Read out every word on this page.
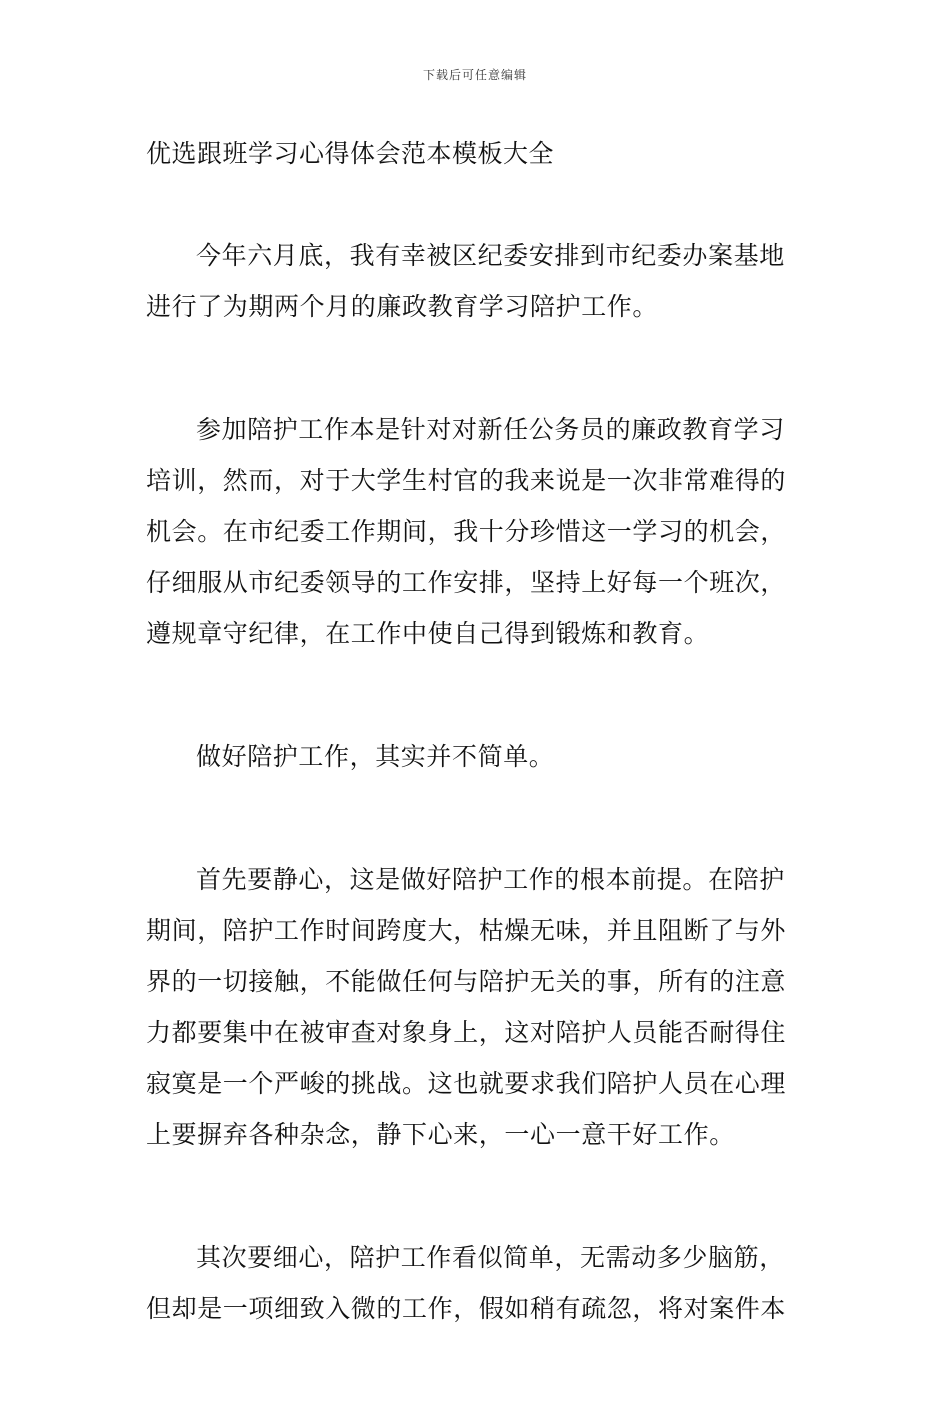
下载后可任意编辑
优选跟班学习心得体会范本模板大全
今年六月底，我有幸被区纪委安排到市纪委办案基地
进行了为期两个月的廉政教育学习陪护工作。
参加陪护工作本是针对对新任公务员的廉政教育学习
培训，然而，对于大学生村官的我来说是一次非常难得的
机会。在市纪委工作期间，我十分珍惜这一学习的机会，
仔细服从市纪委领导的工作安排，坚持上好每一个班次，
遵规章守纪律，在工作中使自己得到锻炼和教育。
做好陪护工作，其实并不简单。
首先要静心，这是做好陪护工作的根本前提。在陪护
期间，陪护工作时间跨度大，枯燥无味，并且阻断了与外
界的一切接触，不能做任何与陪护无关的事，所有的注意
力都要集中在被审查对象身上，这对陪护人员能否耐得住
寂寞是一个严峻的挑战。这也就要求我们陪护人员在心理
上要摒弃各种杂念，静下心来，一心一意干好工作。
其次要细心，陪护工作看似简单，无需动多少脑筋，
但却是一项细致入微的工作，假如稍有疏忽，将对案件本
